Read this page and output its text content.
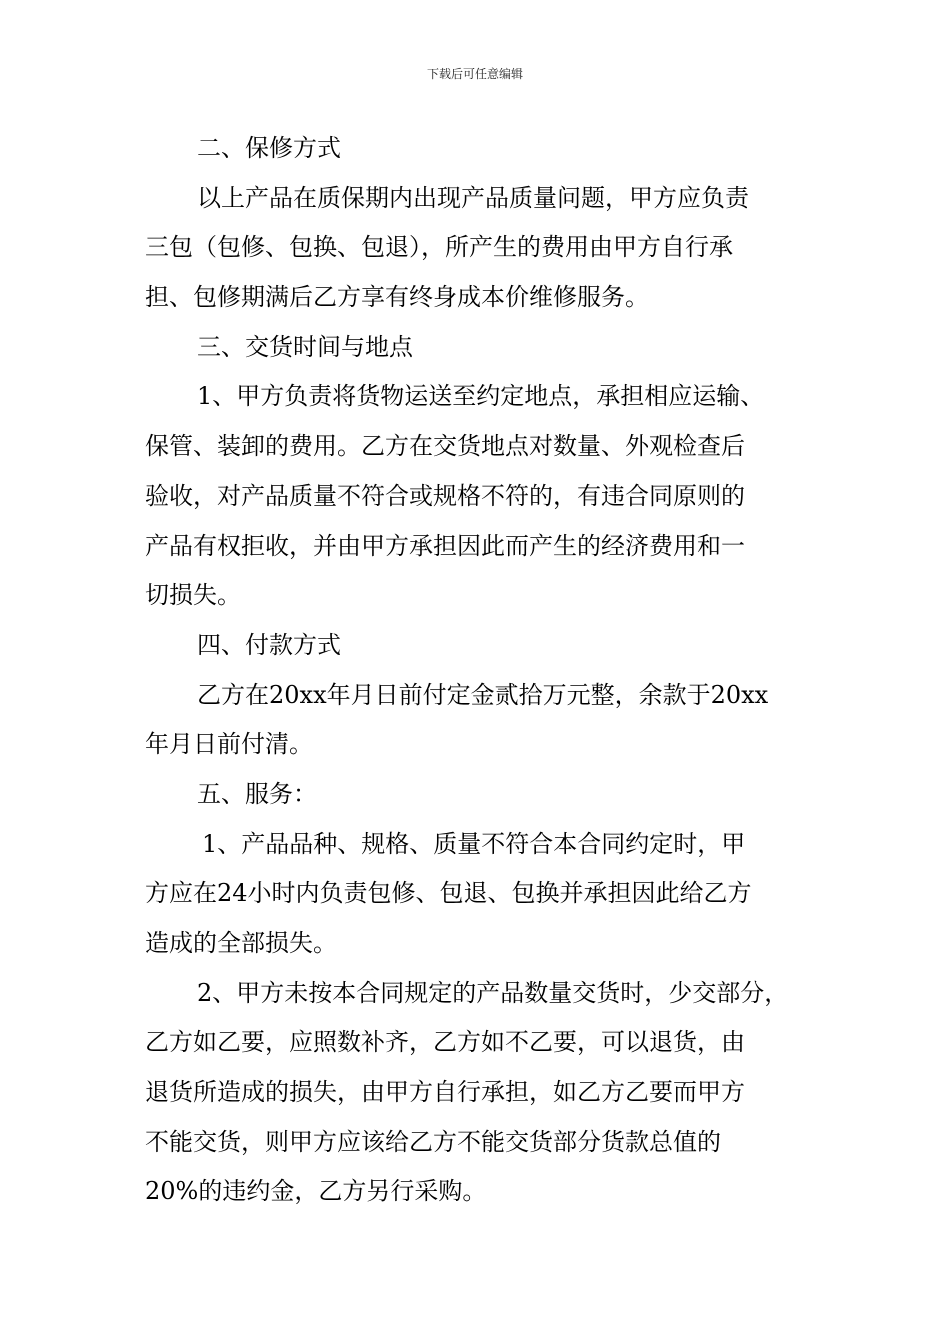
下载后可任意编辑
二、保修方式
以上产品在质保期内出现产品质量问题，甲方应负责
三包（包修、包换、包退），所产生的费用由甲方自行承
担、包修期满后乙方享有终身成本价维修服务。
三、交货时间与地点
1、甲方负责将货物运送至约定地点，承担相应运输、
保管、装卸的费用。乙方在交货地点对数量、外观检查后
验收，对产品质量不符合或规格不符的，有违合同原则的
产品有权拒收，并由甲方承担因此而产生的经济费用和一
切损失。
四、付款方式
乙方在20xx年月日前付定金贰拾万元整，余款于20xx
年月日前付清。
五、服务：
1、产品品种、规格、质量不符合本合同约定时，甲
方应在24小时内负责包修、包退、包换并承担因此给乙方
造成的全部损失。
2、甲方未按本合同规定的产品数量交货时，少交部分，
乙方如乙要，应照数补齐，乙方如不乙要，可以退货，由
退货所造成的损失，由甲方自行承担，如乙方乙要而甲方
不能交货，则甲方应该给乙方不能交货部分货款总值的
20%的违约金，乙方另行采购。
